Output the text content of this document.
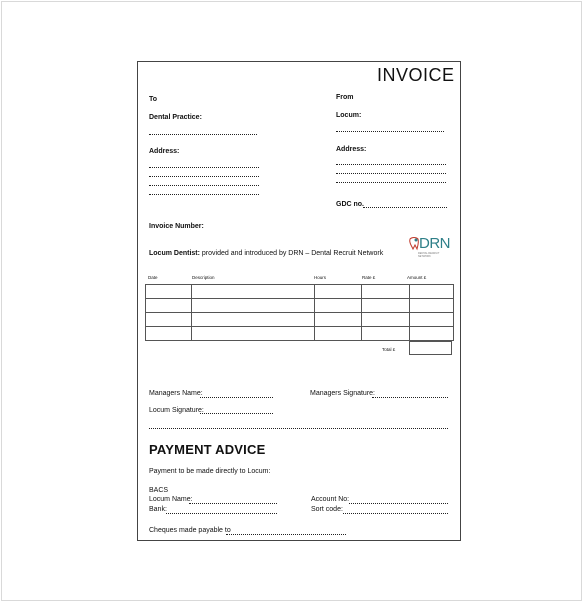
INVOICE
To
Dental Practice:
Address:
From
Locum:
Address:
GDC no.
Invoice Number:
DRN
DENTAL RECRUIT NETWORK
Locum Dentist: provided and introduced by DRN – Dental Recruit Network
Date	Description	Hours	Rate £	Amount £

Total £
Managers Name:	Managers Signature:
Locum Signature:
PAYMENT ADVICE
Payment to be made directly to Locum:
BACS
Locum Name:	Account No:
Bank:	Sort code:
Cheques made payable to
